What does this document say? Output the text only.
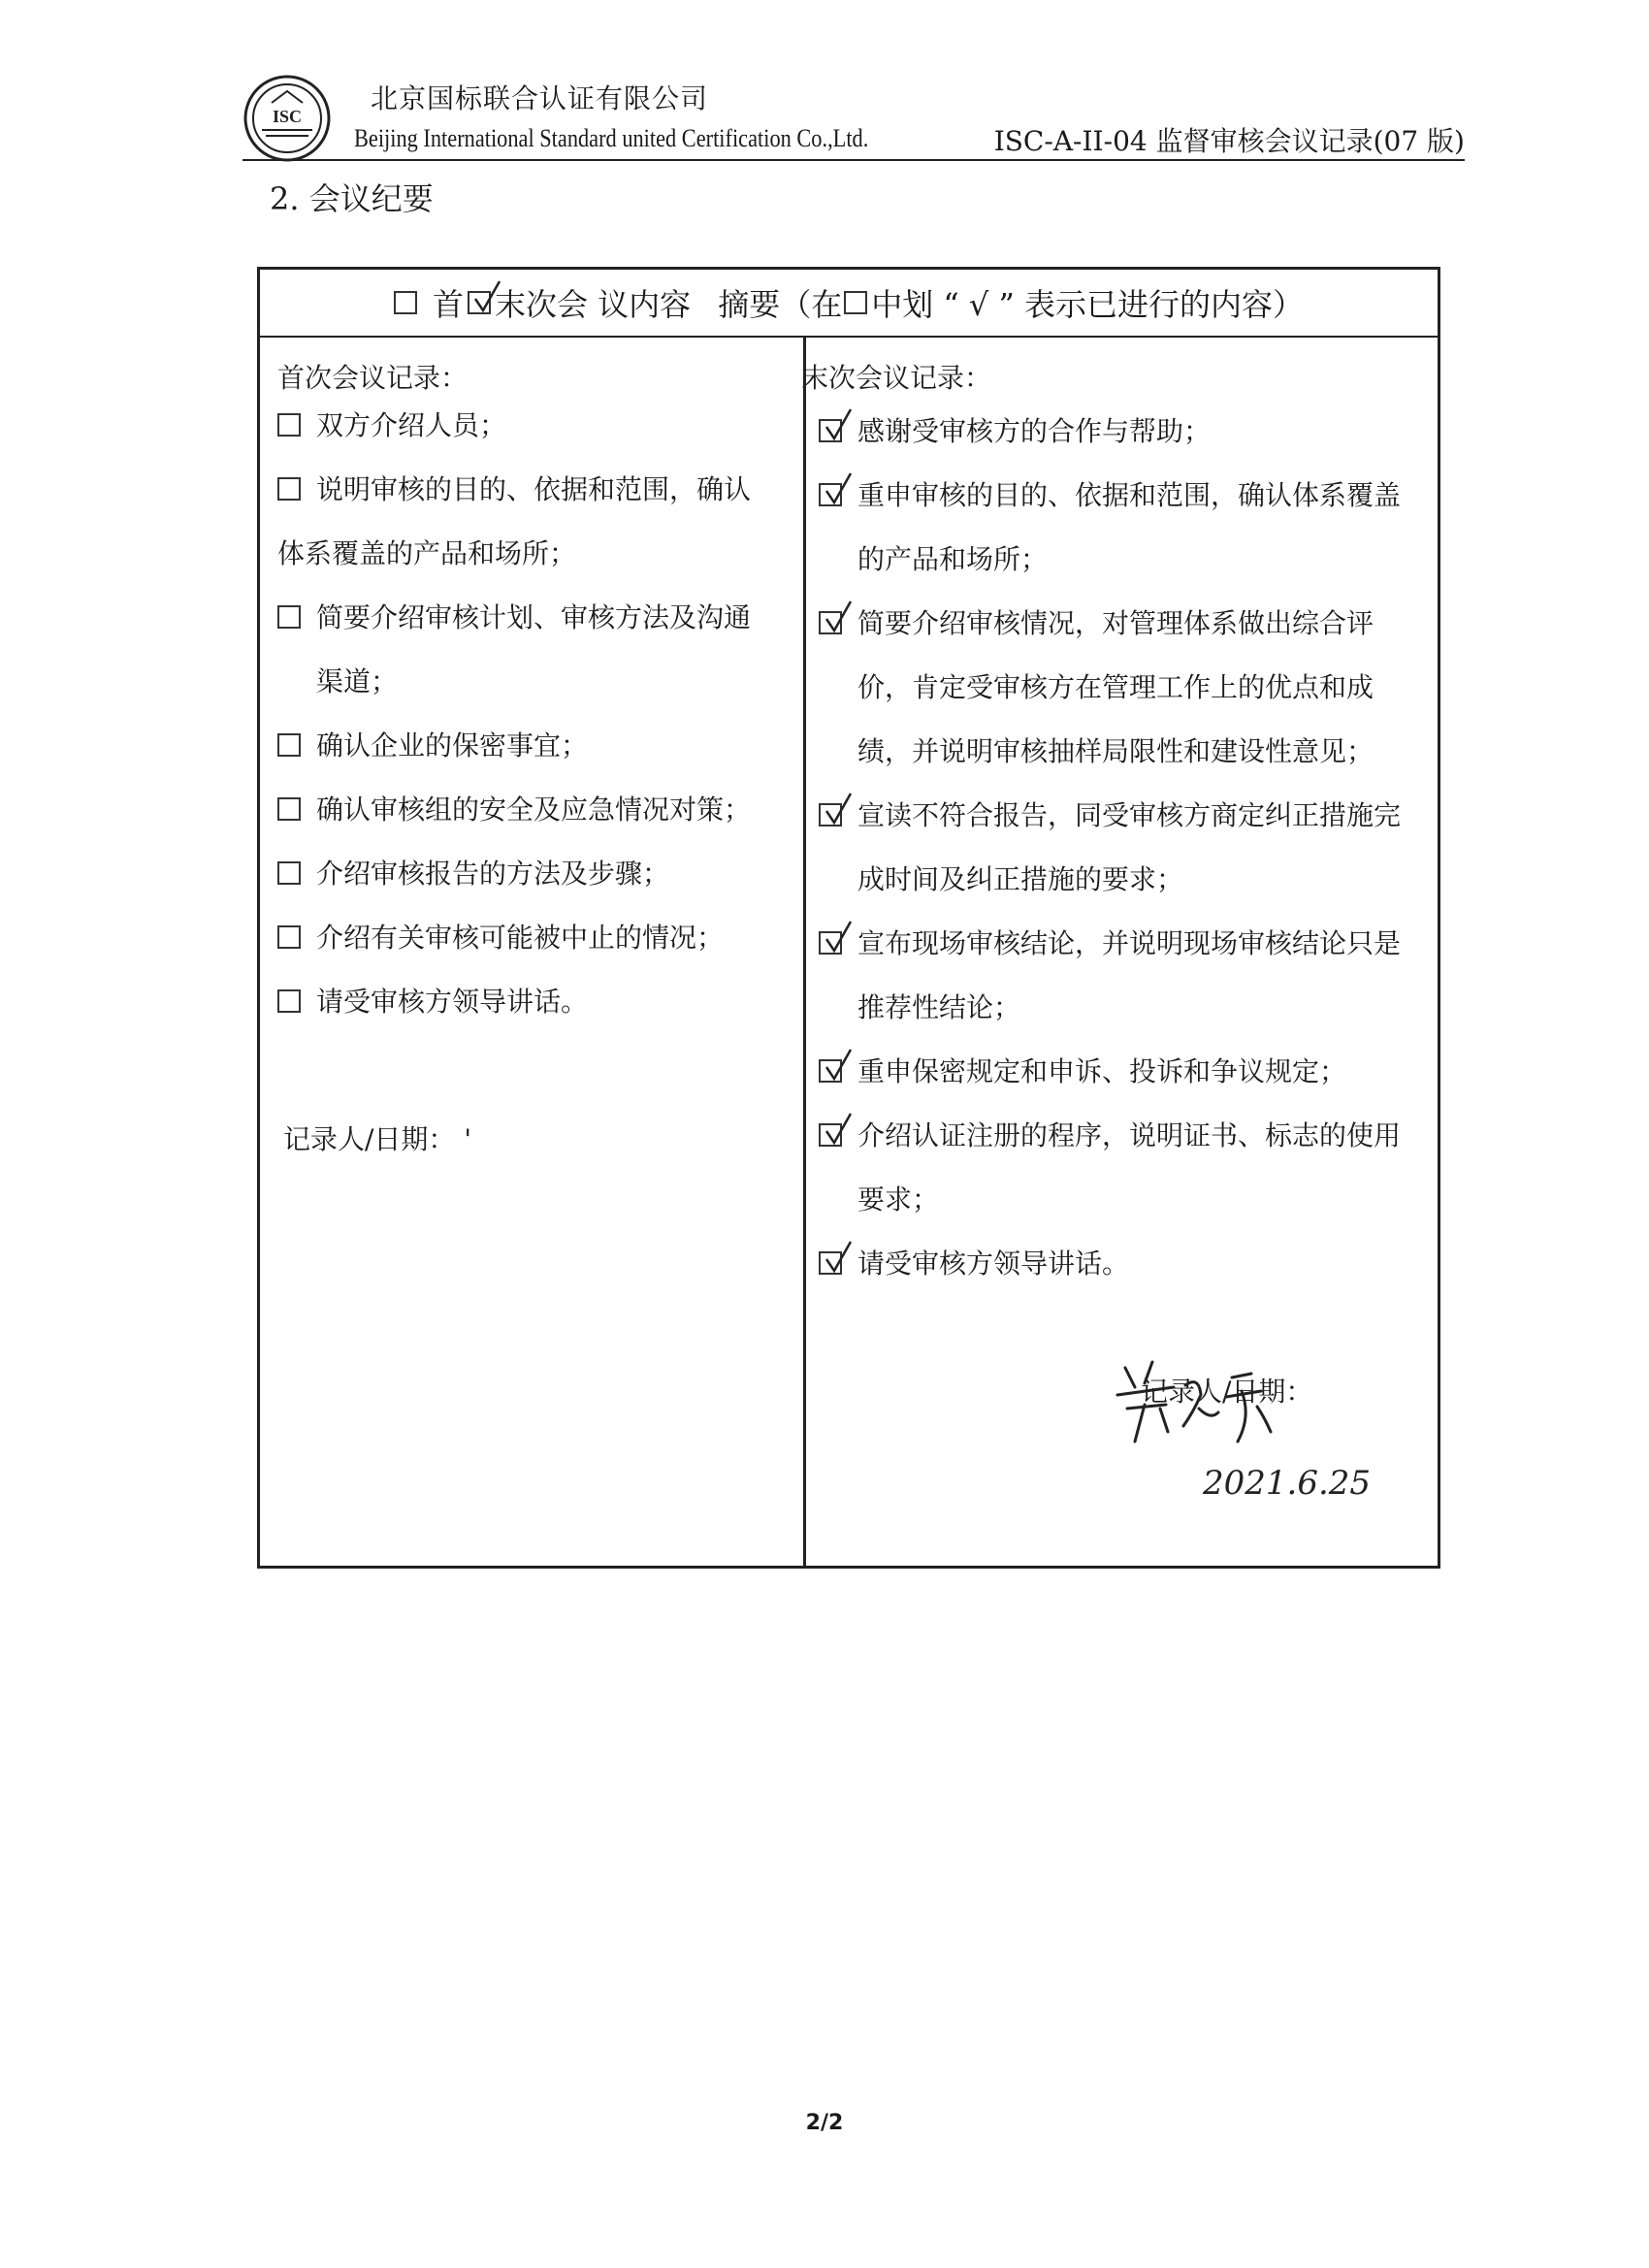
ISC
北京国标联合认证有限公司
Beijing International Standard united Certification Co.,Ltd.	ISC-A-II-04 监督审核会议记录(07 版)
2. 会议纪要
首 末次会 议内容 摘要（在 中划 “ √ ” 表示已进行的内容）
首次会议记录：
双方介绍人员；
说明审核的目的、依据和范围，确认
体系覆盖的产品和场所；
简要介绍审核计划、审核方法及沟通
渠道；
确认企业的保密事宜；
确认审核组的安全及应急情况对策；
介绍审核报告的方法及步骤；
介绍有关审核可能被中止的情况；
请受审核方领导讲话。
记录人/日期： '
末次会议记录：
感谢受审核方的合作与帮助；
重申审核的目的、依据和范围，确认体系覆盖
的产品和场所；
简要介绍审核情况，对管理体系做出综合评
价，肯定受审核方在管理工作上的优点和成
绩，并说明审核抽样局限性和建设性意见；
宣读不符合报告，同受审核方商定纠正措施完
成时间及纠正措施的要求；
宣布现场审核结论，并说明现场审核结论只是
推荐性结论；
重申保密规定和申诉、投诉和争议规定；
介绍认证注册的程序，说明证书、标志的使用
要求；
请受审核方领导讲话。
记录人/日期：
2021.6.25
2/2
